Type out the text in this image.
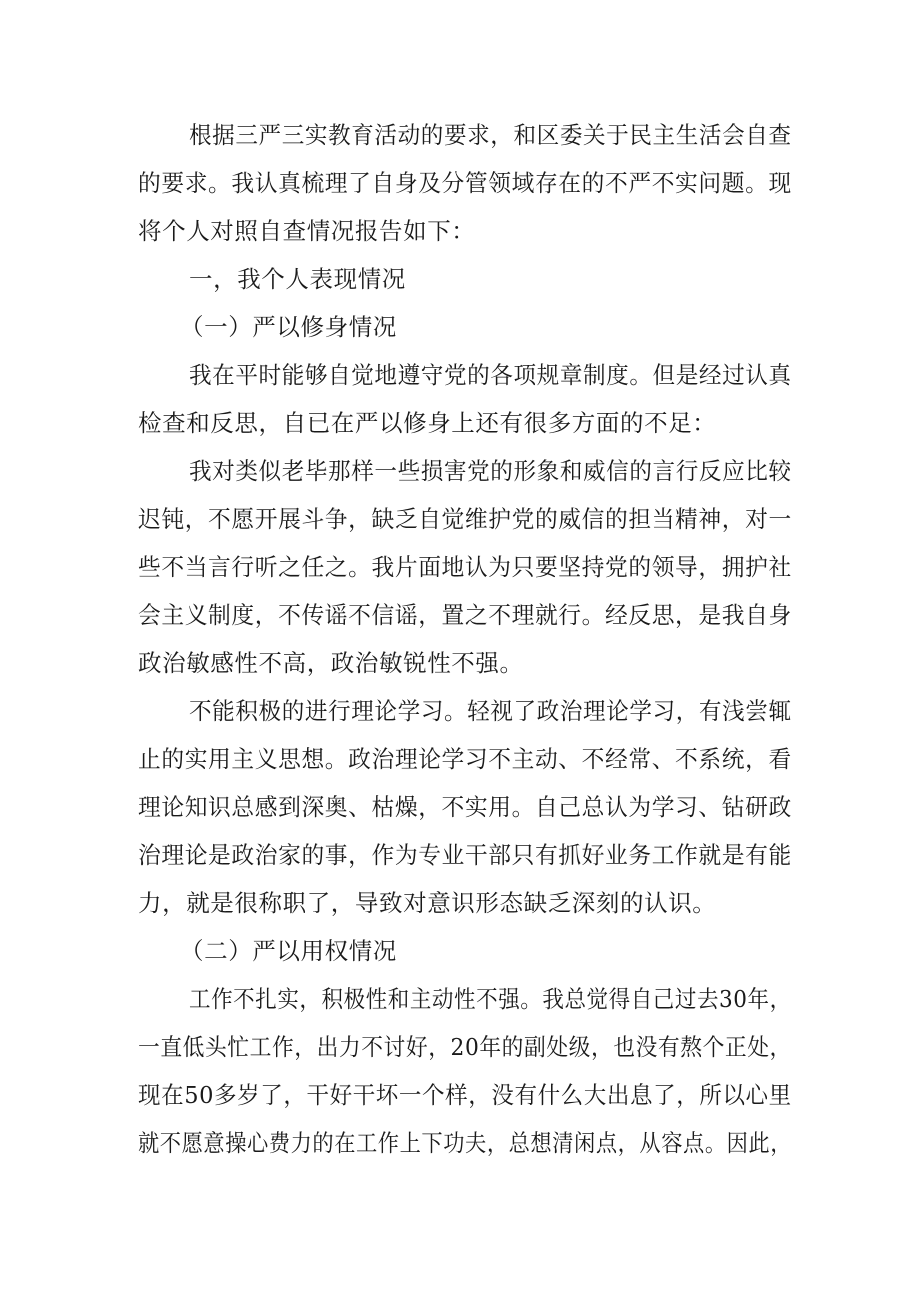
根据三严三实教育活动的要求，和区委关于民主生活会自查

的要求。我认真梳理了自身及分管领域存在的不严不实问题。现

将个人对照自查情况报告如下：

一，我个人表现情况

（一）严以修身情况

我在平时能够自觉地遵守党的各项规章制度。但是经过认真

检查和反思，自已在严以修身上还有很多方面的不足：

我对类似老毕那样一些损害党的形象和威信的言行反应比较

迟钝，不愿开展斗争，缺乏自觉维护党的威信的担当精神，对一

些不当言行听之任之。我片面地认为只要坚持党的领导，拥护社

会主义制度，不传谣不信谣，置之不理就行。经反思，是我自身

政治敏感性不高，政治敏锐性不强。

不能积极的进行理论学习。轻视了政治理论学习，有浅尝辄

止的实用主义思想。政治理论学习不主动、不经常、不系统，看

理论知识总感到深奥、枯燥，不实用。自己总认为学习、钻研政

治理论是政治家的事，作为专业干部只有抓好业务工作就是有能

力，就是很称职了，导致对意识形态缺乏深刻的认识。

（二）严以用权情况

工作不扎实，积极性和主动性不强。我总觉得自己过去30年，

一直低头忙工作，出力不讨好，20年的副处级，也没有熬个正处，

现在50多岁了，干好干坏一个样，没有什么大出息了，所以心里

就不愿意操心费力的在工作上下功夫，总想清闲点，从容点。因此，
